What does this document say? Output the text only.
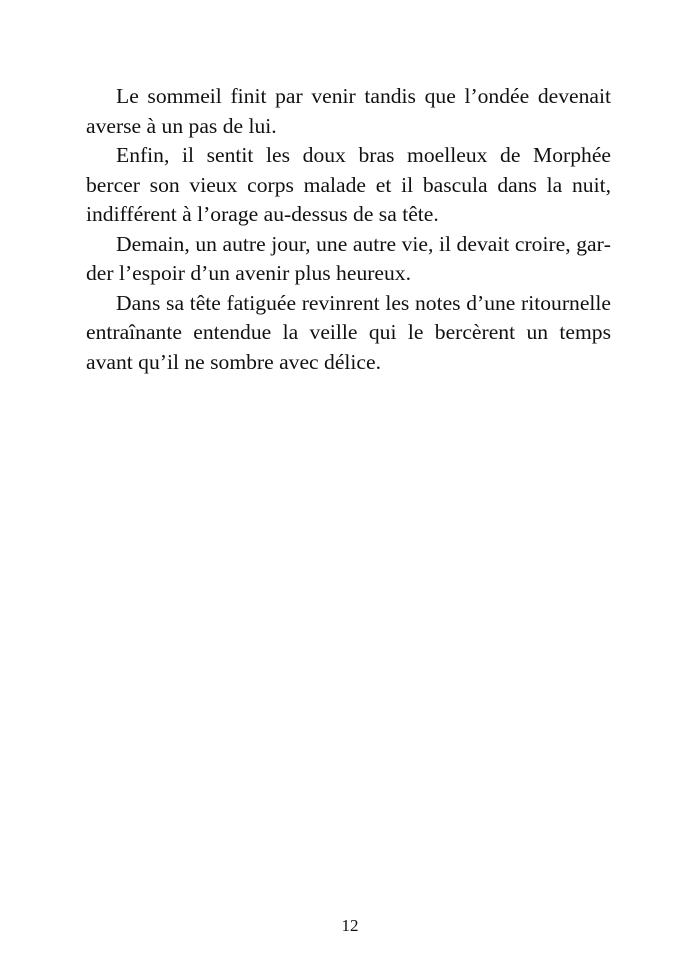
Le sommeil finit par venir tandis que l’ondée devenait averse à un pas de lui.

Enfin, il sentit les doux bras moelleux de Morphée bercer son vieux corps malade et il bascula dans la nuit, indifférent à l’orage au-dessus de sa tête.

Demain, un autre jour, une autre vie, il devait croire, garder l’espoir d’un avenir plus heureux.

Dans sa tête fatiguée revinrent les notes d’une ritournelle entraînante entendue la veille qui le bercèrent un temps avant qu’il ne sombre avec délice.

12
